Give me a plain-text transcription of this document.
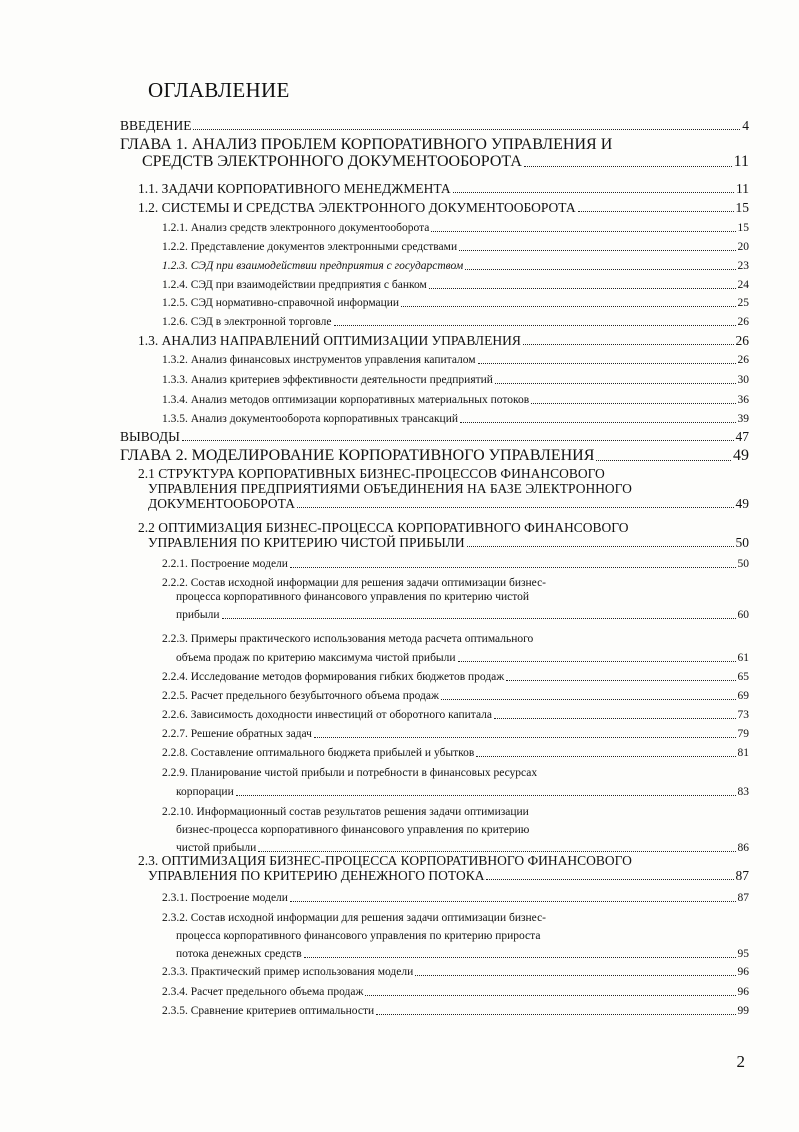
ОГЛАВЛЕНИЕ
ВВЕДЕНИЕ	4
ГЛАВА 1. АНАЛИЗ ПРОБЛЕМ КОРПОРАТИВНОГО УПРАВЛЕНИЯ И
СРЕДСТВ ЭЛЕКТРОННОГО ДОКУМЕНТООБОРОТА	11
1.1. ЗАДАЧИ КОРПОРАТИВНОГО МЕНЕДЖМЕНТА	11
1.2. СИСТЕМЫ И СРЕДСТВА ЭЛЕКТРОННОГО ДОКУМЕНТООБОРОТА	15
1.2.1. Анализ средств электронного документооборота	15
1.2.2. Представление документов электронными средствами	20
1.2.3. СЭД при взаимодействии предприятия с государством	23
1.2.4. СЭД при взаимодействии предприятия с банком	24
1.2.5. СЭД нормативно-справочной информации	25
1.2.6. СЭД в электронной торговле	26
1.3. АНАЛИЗ НАПРАВЛЕНИЙ ОПТИМИЗАЦИИ УПРАВЛЕНИЯ	26
1.3.2. Анализ финансовых инструментов управления капиталом	26
1.3.3. Анализ критериев эффективности деятельности предприятий	30
1.3.4. Анализ методов оптимизации корпоративных материальных потоков	36
1.3.5. Анализ документооборота корпоративных трансакций	39
ВЫВОДЫ	47
ГЛАВА 2. МОДЕЛИРОВАНИЕ КОРПОРАТИВНОГО УПРАВЛЕНИЯ	49
2.1 СТРУКТУРА КОРПОРАТИВНЫХ БИЗНЕС-ПРОЦЕССОВ ФИНАНСОВОГО
УПРАВЛЕНИЯ ПРЕДПРИЯТИЯМИ ОБЪЕДИНЕНИЯ НА БАЗЕ ЭЛЕКТРОННОГО
ДОКУМЕНТООБОРОТА	49
2.2 ОПТИМИЗАЦИЯ БИЗНЕС-ПРОЦЕССА КОРПОРАТИВНОГО ФИНАНСОВОГО
УПРАВЛЕНИЯ ПО КРИТЕРИЮ ЧИСТОЙ ПРИБЫЛИ	50
2.2.1. Построение модели	50
2.2.2. Состав исходной информации для решения задачи оптимизации бизнес-
процесса корпоративного финансового управления по критерию чистой
прибыли	60
2.2.3. Примеры практического использования метода расчета оптимального
объема продаж по критерию максимума чистой прибыли	61
2.2.4. Исследование методов формирования гибких бюджетов продаж	65
2.2.5. Расчет предельного безубыточного объема продаж	69
2.2.6. Зависимость доходности инвестиций от оборотного капитала	73
2.2.7. Решение обратных задач	79
2.2.8. Составление оптимального бюджета прибылей и убытков	81
2.2.9. Планирование чистой прибыли и потребности в финансовых ресурсах
корпорации	83
2.2.10. Информационный состав результатов решения задачи оптимизации
бизнес-процесса корпоративного финансового управления по критерию
чистой прибыли	86
2.3. ОПТИМИЗАЦИЯ БИЗНЕС-ПРОЦЕССА КОРПОРАТИВНОГО ФИНАНСОВОГО
УПРАВЛЕНИЯ ПО КРИТЕРИЮ ДЕНЕЖНОГО ПОТОКА	87
2.3.1. Построение модели	87
2.3.2. Состав исходной информации для решения задачи оптимизации бизнес-
процесса корпоративного финансового управления по критерию прироста
потока денежных средств	95
2.3.3. Практический пример использования модели	96
2.3.4. Расчет предельного объема продаж	96
2.3.5. Сравнение критериев оптимальности	99
2
